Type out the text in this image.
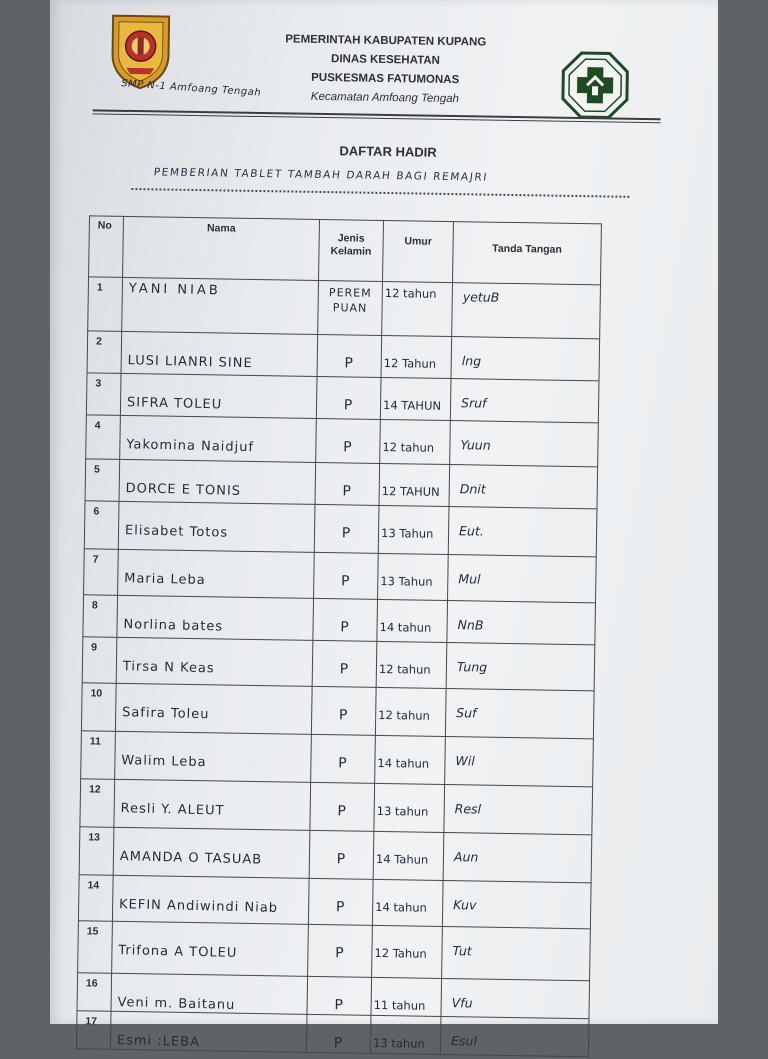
PEMERINTAH KABUPATEN KUPANG
DINAS KESEHATAN
PUSKESMAS FATUMONAS
Kecamatan Amfoang Tengah
SMP N-1 Amfoang Tengah
DAFTAR HADIR
PEMBERIAN TABLET TAMBAH DARAH BAGI REMAJRI
No	Nama	Jenis Kelamin	Umur	Tanda Tangan
1	YANI NIAB	PEREM PUAN	12 tahun	yetuB

2	LUSI LIANRI SINE	P	12 Tahun	lng

3	SIFRA TOLEU	P	14 TAHUN	Sruf

4	Yakomina Naidjuf	P	12 tahun	Yuun

5	DORCE E TONIS	P	12 TAHUN	Dnit

6	Elisabet Totos	P	13 Tahun	Eut.

7	Maria Leba	P	13 Tahun	Mul

8	Norlina bates	P	14 tahun	NnB

9	Tirsa N Keas	P	12 tahun	Tung

10	Safira Toleu	P	12 tahun	Suf

11	Walim Leba	P	14 tahun	Wil

12	Resli Y. ALEUT	P	13 tahun	Resl

13	AMANDA O TASUAB	P	14 Tahun	Aun

14	KEFIN Andiwindi Niab	P	14 tahun	Kuv

15	Trifona A TOLEU	P	12 Tahun	Tut

16	Veni m. Baitanu	P	11 tahun	Vfu

17	Esmi :LEBA	P	13 tahun	Esul
